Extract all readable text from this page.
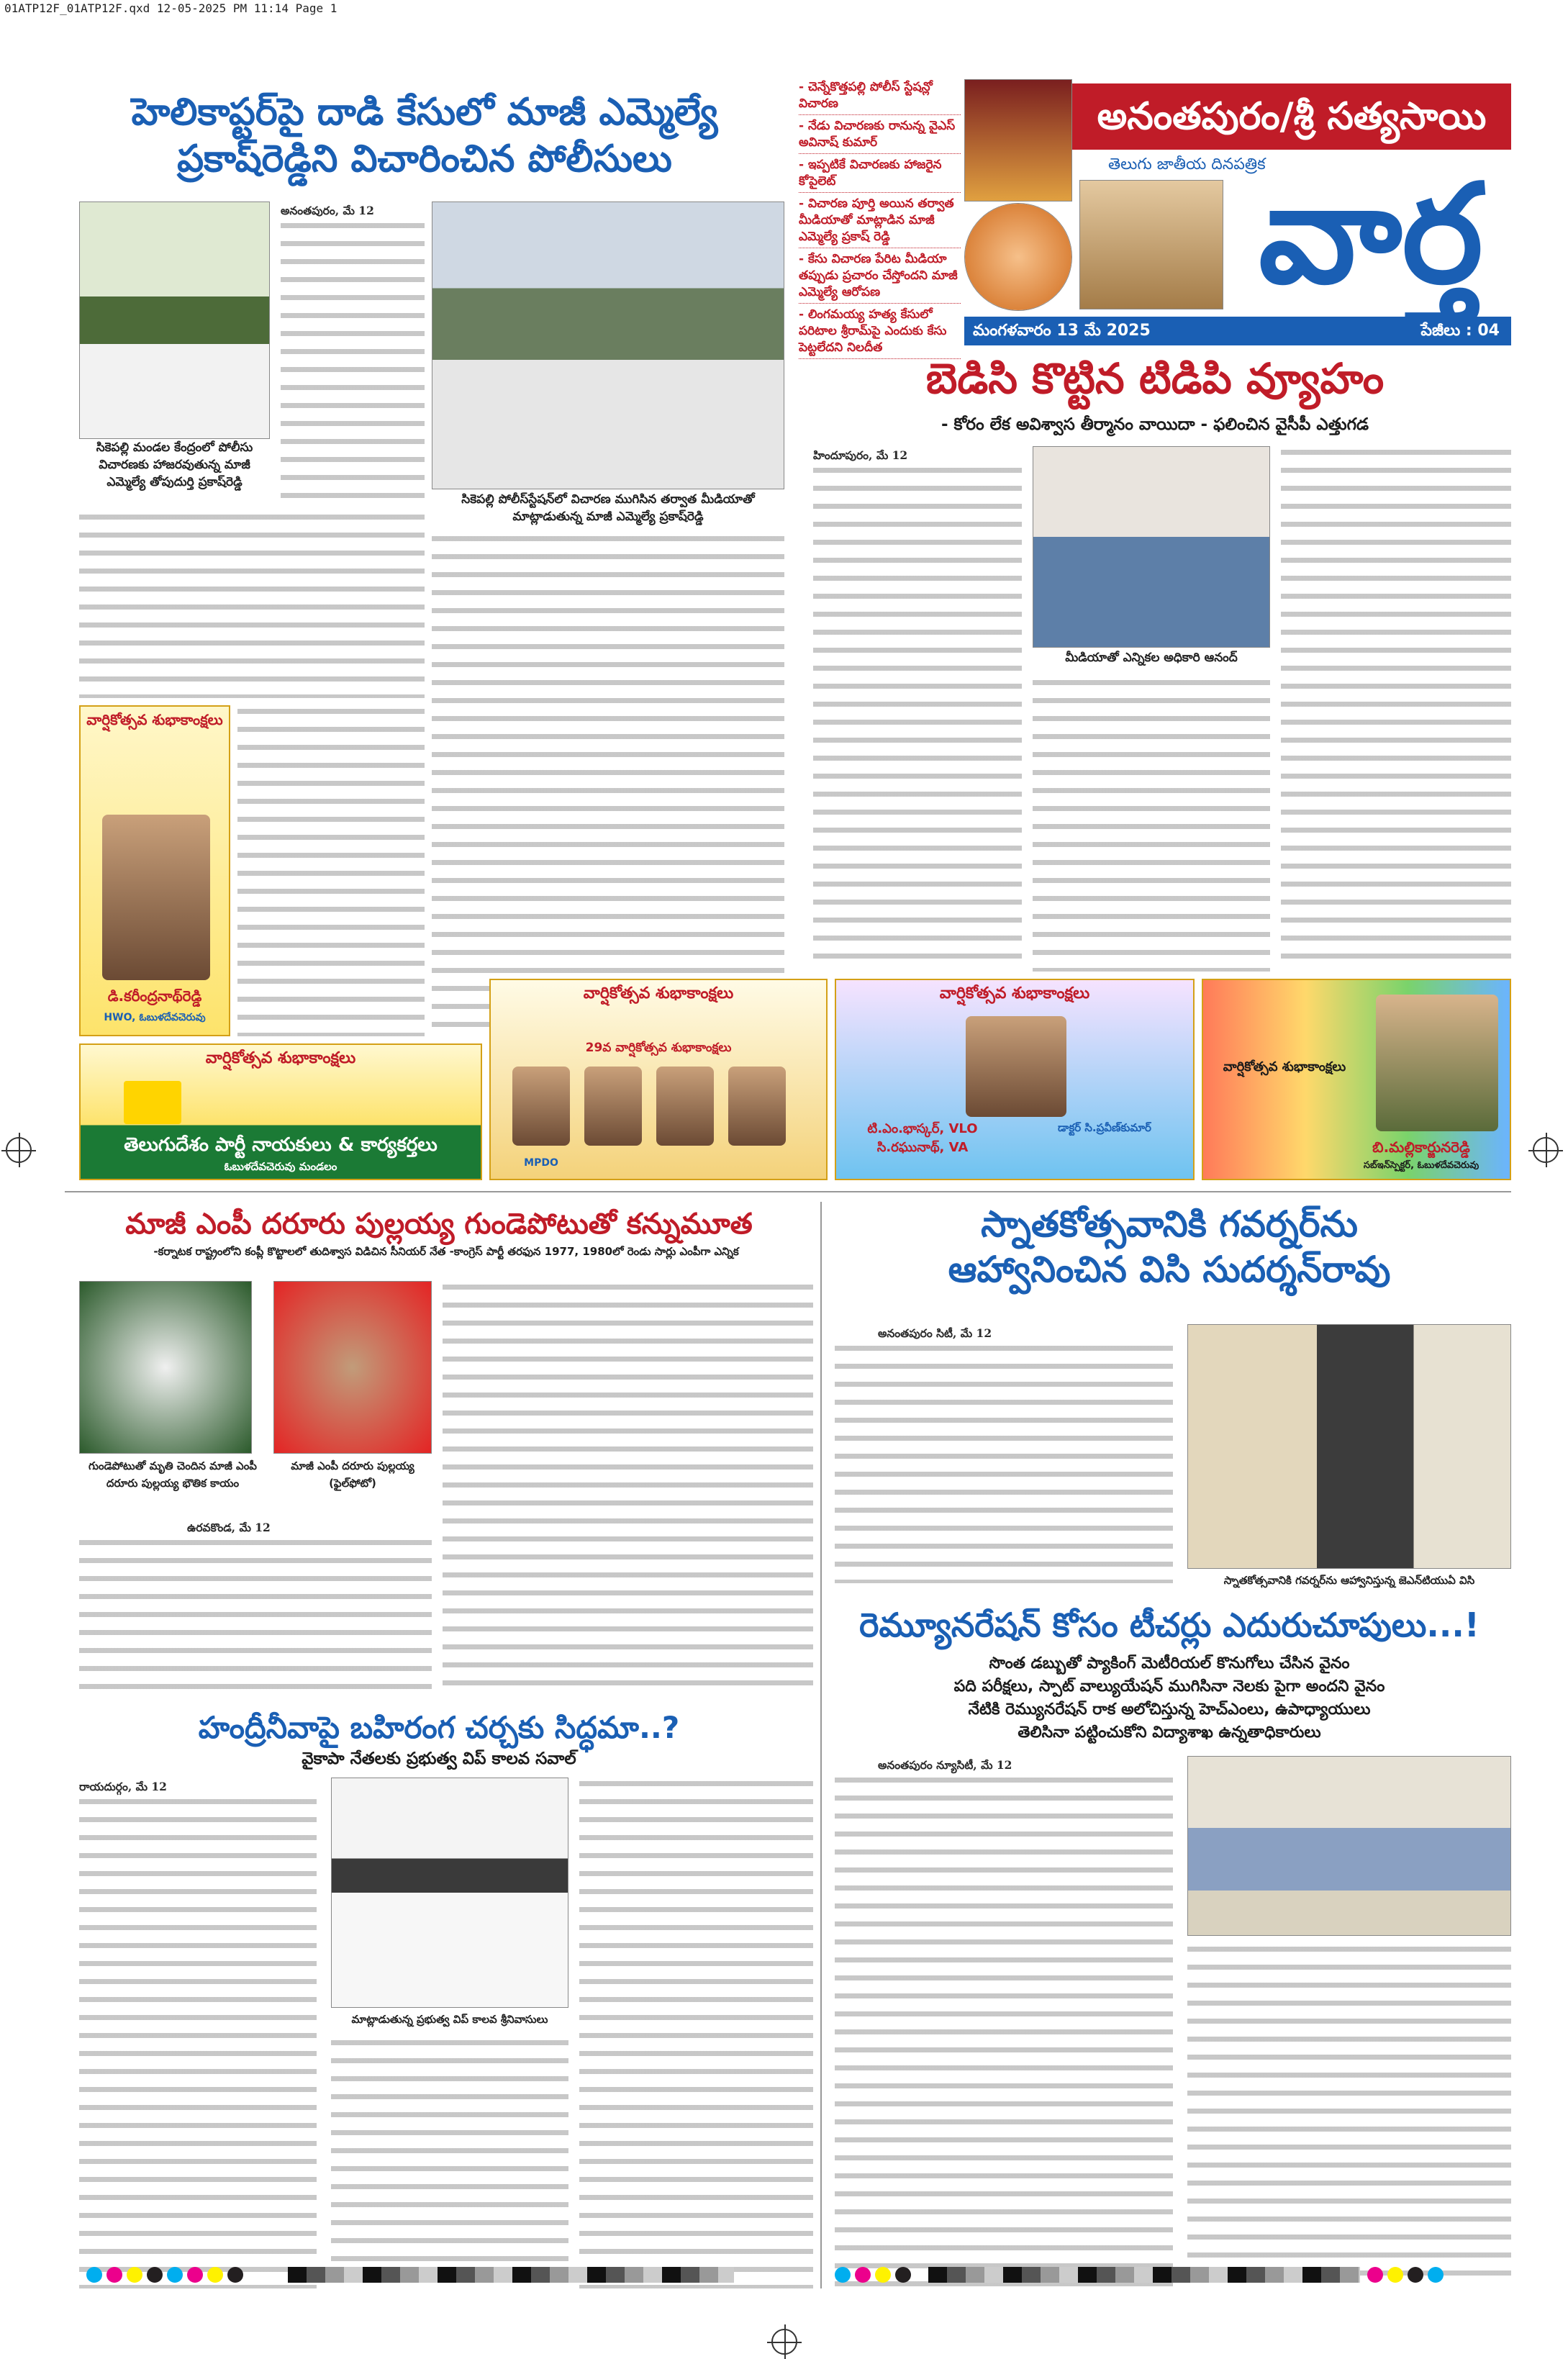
01ATP12F_01ATP12F.qxd 12-05-2025 PM 11:14 Page 1
హెలికాప్టర్‌పై దాడి కేసులో మాజీ ఎమ్మెల్యే
ప్రకాష్‌రెడ్డిని విచారించిన పోలీసులు
సికెపల్లి మండల కేంద్రంలో పోలీసు విచారణకు హాజరవుతున్న మాజీ ఎమ్మెల్యే తోపుదుర్తి ప్రకాష్‌రెడ్డి
అనంతపురం, మే 12
సికెపల్లి పోలీస్‌స్టేషన్‌లో విచారణ ముగిసిన తర్వాత మీడియాతో మాట్లాడుతున్న మాజీ ఎమ్మెల్యే ప్రకాష్‌రెడ్డి
- చెన్నేకొత్తపల్లి పోలీస్ స్టేషన్లో విచారణ
- నేడు విచారణకు రానున్న వైఎస్ అవినాష్ కుమార్
- ఇప్పటికే విచారణకు హాజరైన కోపైలెట్
- విచారణ పూర్తి అయిన తర్వాత మీడియాతో మాట్లాడిన మాజీ ఎమ్మెల్యే ప్రకాష్ రెడ్డి
- కేసు విచారణ పేరిట మీడియా తప్పుడు ప్రచారం చేస్తోందని మాజీ ఎమ్మెల్యే ఆరోపణ
- లింగమయ్య హత్య కేసులో పరిటాల శ్రీరామ్‌పై ఎందుకు కేసు పెట్టలేదని నిలదీత
అనంతపురం/శ్రీ సత్యసాయి
తెలుగు జాతీయ దినపత్రిక
వార్త
మంగళవారం 13 మే 2025	పేజీలు : 04
బెడిసి కొట్టిన టిడిపి వ్యూహం
- కోరం లేక అవిశ్వాస తీర్మానం వాయిదా - ఫలించిన వైసీపీ ఎత్తుగడ
హిందూపురం, మే 12
మీడియాతో ఎన్నికల అధికారి ఆనంద్
వార్షికోత్సవ శుభాకాంక్షలు
డి.కరీంద్రనాథ్‌రెడ్డి
HWO, ఓబుళదేవచెరువు
వార్షికోత్సవ శుభాకాంక్షలు
తెలుగుదేశం పార్టీ నాయకులు & కార్యకర్తలు
ఓబుళదేవచెరువు మండలం
వార్షికోత్సవ శుభాకాంక్షలు
29వ వార్షికోత్సవ శుభాకాంక్షలు
MPDO
వార్షికోత్సవ శుభాకాంక్షలు
టి.ఎం.భాస్కర్, VLO
సి.రఘునాథ్, VA
డాక్టర్ సి.ప్రవీణ్‌కుమార్
వార్షికోత్సవ శుభాకాంక్షలు
బి.మల్లికార్జునరెడ్డి
సబ్ఇన్‌స్పెక్టర్, ఓబుళదేవచెరువు
మాజీ ఎంపీ దరూరు పుల్లయ్య గుండెపోటుతో కన్నుమూత
-కర్నాటక రాష్ట్రంలోని కంప్లీ కొట్టాలలో తుదిశ్వాస విడిచిన సీనియర్ నేత -కాంగ్రెస్ పార్టీ తరఫున 1977, 1980లో రెండు సార్లు ఎంపీగా ఎన్నిక
గుండెపోటుతో మృతి చెందిన మాజీ ఎంపీ దరూరు పుల్లయ్య భౌతిక కాయం
మాజీ ఎంపీ దరూరు పుల్లయ్య (ఫైల్‌ఫోటో)
ఉరవకొండ, మే 12
స్నాతకోత్సవానికి గవర్నర్‌ను
ఆహ్వానించిన విసి సుదర్శన్‌రావు
అనంతపురం సిటీ, మే 12
స్నాతకోత్సవానికి గవర్నర్‌ను ఆహ్వానిస్తున్న జెఎన్‌టియుఏ విసి
రెమ్యూనరేషన్ కోసం టీచర్లు ఎదురుచూపులు...!
సొంత డబ్బుతో ప్యాకింగ్ మెటీరియల్ కొనుగోలు చేసిన వైనం
పది పరీక్షలు, స్పాట్ వాల్యుయేషన్ ముగిసినా నెలకు పైగా అందని వైనం
నేటికి రెమ్యునరేషన్ రాక అలోచిస్తున్న హెచ్‌ఎంలు, ఉపాధ్యాయులు
తెలిసినా పట్టించుకోని విద్యాశాఖ ఉన్నతాధికారులు
అనంతపురం న్యూసిటీ, మే 12
హంద్రీనీవాపై బహిరంగ చర్చకు సిద్ధమా..?
వైకాపా నేతలకు ప్రభుత్వ విప్ కాలవ సవాల్
రాయదుర్గం, మే 12
మాట్లాడుతున్న ప్రభుత్వ విప్ కాలవ శ్రీనివాసులు
